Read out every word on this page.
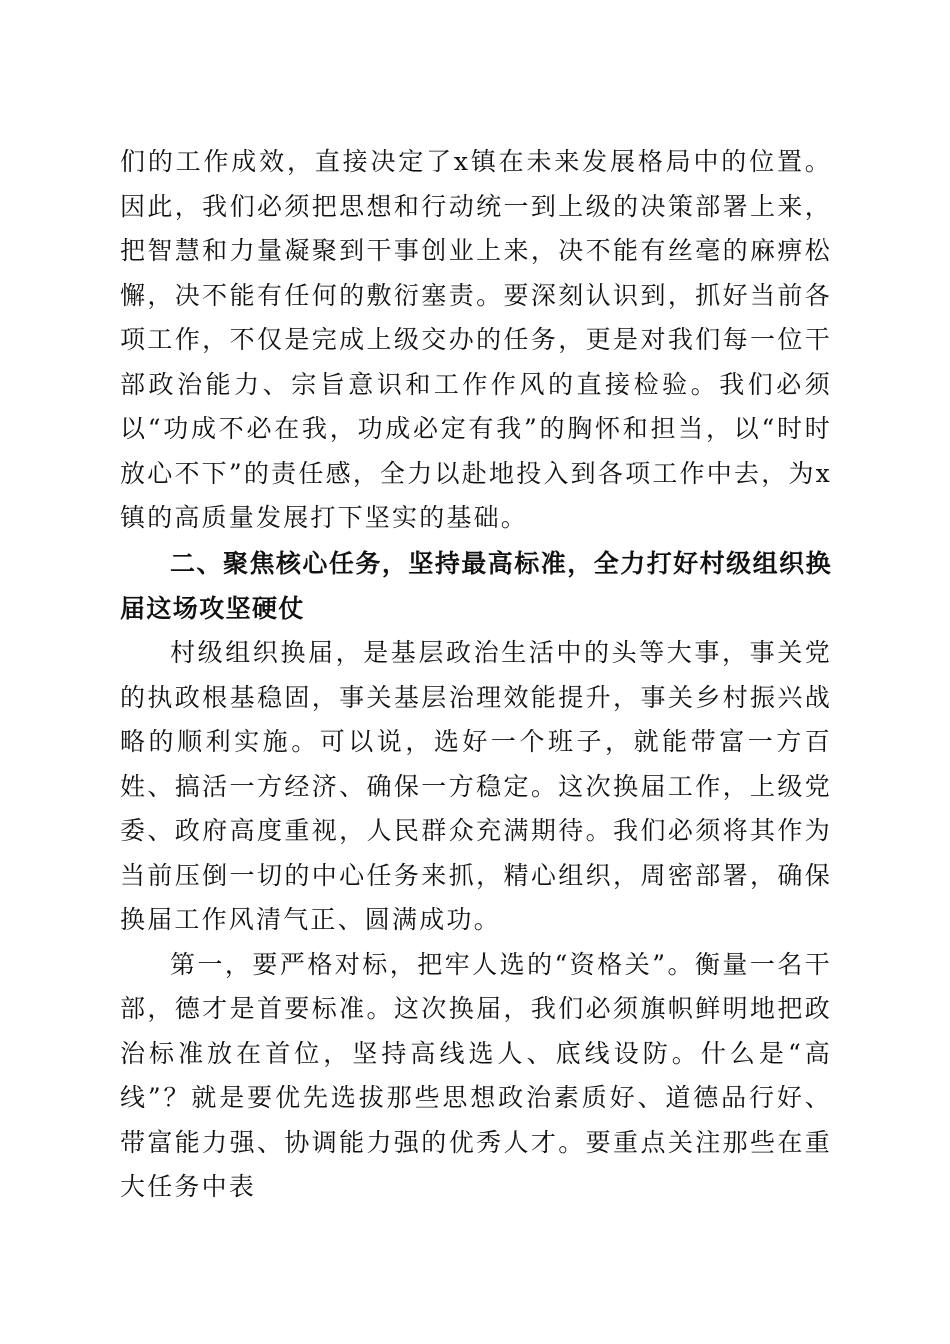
们的工作成效，直接决定了x镇在未来发展格局中的位置。因此，我们必须把思想和行动统一到上级的决策部署上来，把智慧和力量凝聚到干事创业上来，决不能有丝毫的麻痹松懈，决不能有任何的敷衍塞责。要深刻认识到，抓好当前各项工作，不仅是完成上级交办的任务，更是对我们每一位干部政治能力、宗旨意识和工作作风的直接检验。我们必须以“功成不必在我，功成必定有我”的胸怀和担当，以“时时放心不下”的责任感，全力以赴地投入到各项工作中去，为x镇的高质量发展打下坚实的基础。

二、聚焦核心任务，坚持最高标准，全力打好村级组织换届这场攻坚硬仗

村级组织换届，是基层政治生活中的头等大事，事关党的执政根基稳固，事关基层治理效能提升，事关乡村振兴战略的顺利实施。可以说，选好一个班子，就能带富一方百姓、搞活一方经济、确保一方稳定。这次换届工作，上级党委、政府高度重视，人民群众充满期待。我们必须将其作为当前压倒一切的中心任务来抓，精心组织，周密部署，确保换届工作风清气正、圆满成功。

第一，要严格对标，把牢人选的“资格关”。衡量一名干部，德才是首要标准。这次换届，我们必须旗帜鲜明地把政治标准放在首位，坚持高线选人、底线设防。什么是“高线”？就是要优先选拔那些思想政治素质好、道德品行好、带富能力强、协调能力强的优秀人才。要重点关注那些在重大任务中表
